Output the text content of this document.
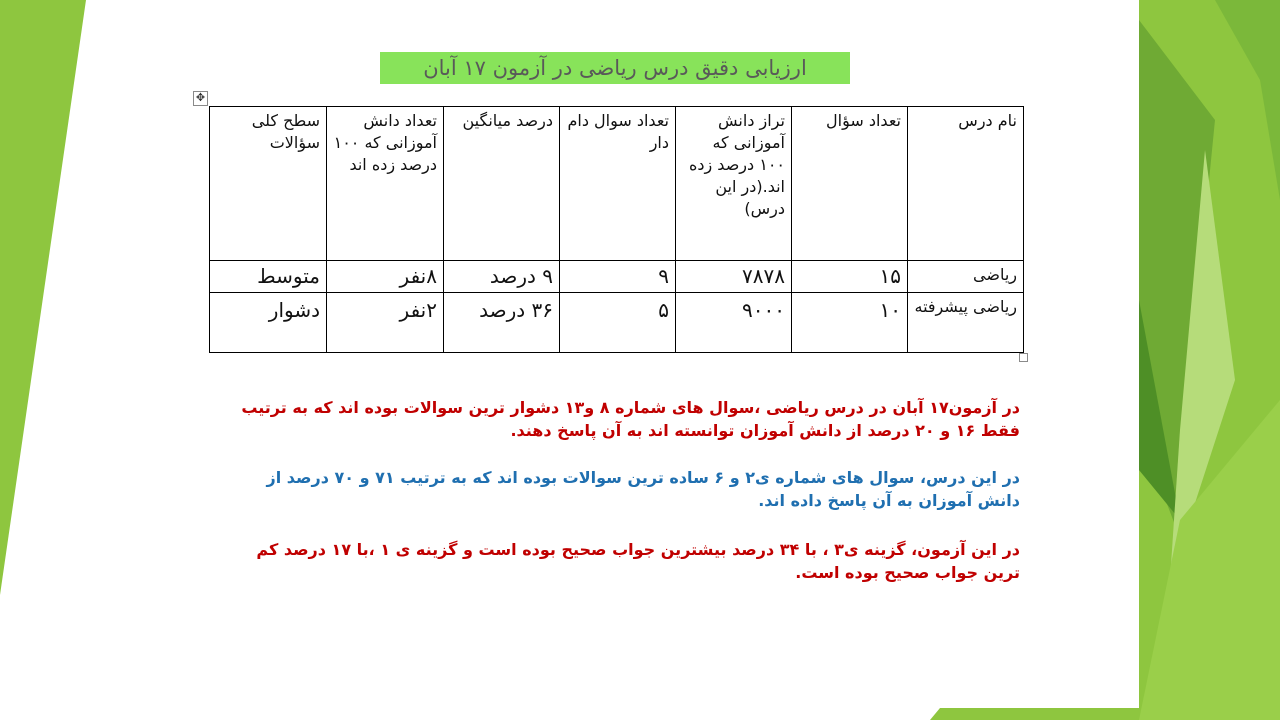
ارزیابی دقیق درس ریاضی در آزمون ۱۷ آبان
✥
نام درس	تعداد سؤال	تراز دانش آموزانی که ۱۰۰ درصد زده اند.(در این درس)	تعداد سوال دام دار	درصد میانگین	تعداد دانش آموزانی که ۱۰۰ درصد زده اند	سطح کلی سؤالات
ریاضی	۱۵	۷۸۷۸	۹	۹ درصد	۸نفر	متوسط
ریاضی پیشرفته	۱۰	۹۰۰۰	۵	۳۶ درصد	۲نفر	دشوار
در آزمون۱۷ آبان در درس ریاضی ،سوال های شماره ۸ و۱۳ دشوار ترین سوالات بوده اند که به ترتیب فقط ۱۶ و ۲۰ درصد از دانش آموزان توانسته اند به آن پاسخ دهند.
در این درس، سوال های شماره ی۲ و ۶ ساده ترین سوالات بوده اند که به ترتیب ۷۱ و ۷۰ درصد از دانش آموزان به آن پاسخ داده اند.
در این آزمون، گزینه ی۳ ، با ۳۴ درصد بیشترین جواب صحیح بوده است و گزینه ی ۱ ،با ۱۷ درصد کم ترین جواب صحیح بوده است.
